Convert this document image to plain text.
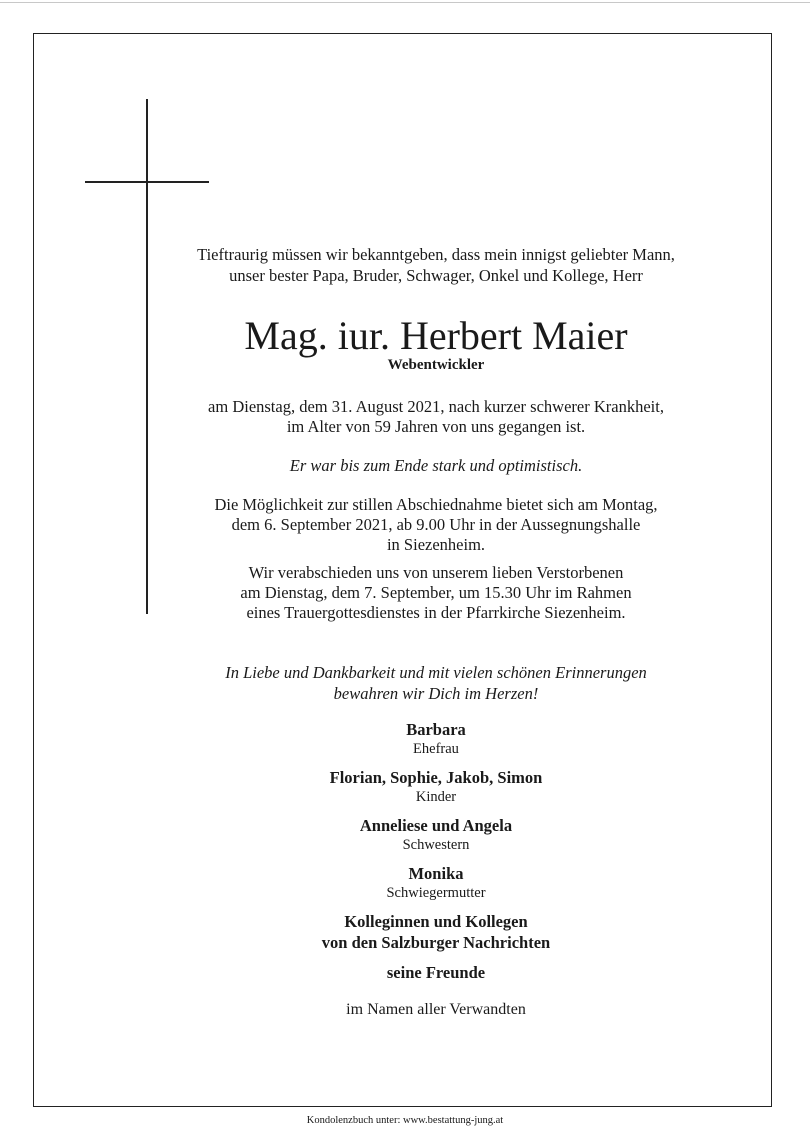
Tieftraurig müssen wir bekanntgeben, dass mein innigst geliebter Mann,

unser bester Papa, Bruder, Schwager, Onkel und Kollege, Herr

Mag. iur. Herbert Maier

Webentwickler

am Dienstag, dem 31. August 2021, nach kurzer schwerer Krankheit,

im Alter von 59 Jahren von uns gegangen ist.

Er war bis zum Ende stark und optimistisch.

Die Möglichkeit zur stillen Abschiednahme bietet sich am Montag,

dem 6. September 2021, ab 9.00 Uhr in der Aussegnungshalle

in Siezenheim.

Wir verabschieden uns von unserem lieben Verstorbenen

am Dienstag, dem 7. September, um 15.30 Uhr im Rahmen

eines Trauergottesdienstes in der Pfarrkirche Siezenheim.

In Liebe und Dankbarkeit und mit vielen schönen Erinnerungen

bewahren wir Dich im Herzen!

Barbara

Ehefrau

Florian, Sophie, Jakob, Simon

Kinder

Anneliese und Angela

Schwestern

Monika

Schwiegermutter

Kolleginnen und Kollegen

von den Salzburger Nachrichten

seine Freunde

im Namen aller Verwandten

Kondolenzbuch unter: www.bestattung-jung.at
